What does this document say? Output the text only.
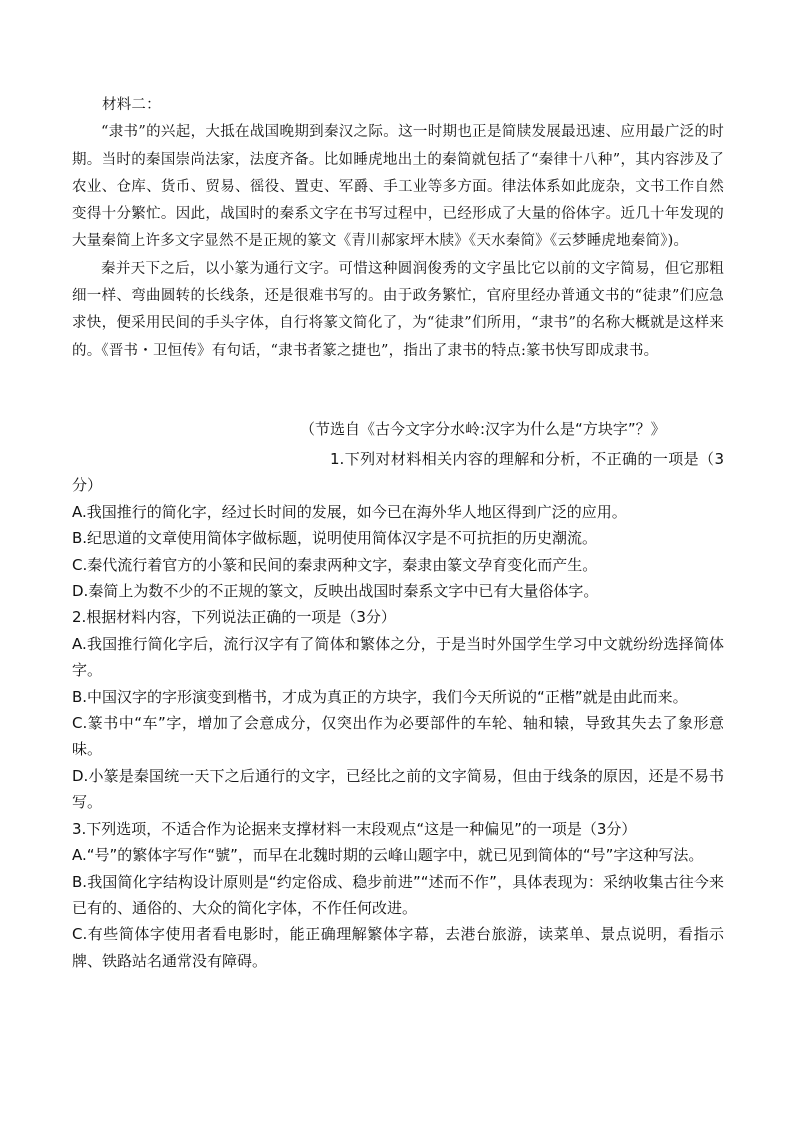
材料二：

“隶书”的兴起，大抵在战国晚期到秦汉之际。这一时期也正是简牍发展最迅速、应用最广泛的时期。当时的秦国崇尚法家，法度齐备。比如睡虎地出土的秦简就包括了“秦律十八种”，其内容涉及了农业、仓库、货币、贸易、徭役、置吏、军爵、手工业等多方面。律法体系如此庞杂，文书工作自然变得十分繁忙。因此，战国时的秦系文字在书写过程中，已经形成了大量的俗体字。近几十年发现的大量秦简上许多文字显然不是正规的篆文《青川郝家坪木牍》《天水秦简》《云梦睡虎地秦简》)。

秦并天下之后，以小篆为通行文字。可惜这种圆润俊秀的文字虽比它以前的文字简易，但它那粗细一样、弯曲圆转的长线条，还是很难书写的。由于政务繁忙，官府里经办普通文书的“徒隶”们应急求快，便采用民间的手头字体，自行将篆文简化了，为“徒隶”们所用，“隶书”的名称大概就是这样来的。《晋书・卫恒传》有句话，“隶书者篆之捷也”，指出了隶书的特点:篆书快写即成隶书。

（节选自《古今文字分水岭:汉字为什么是“方块字”？》

1.下列对材料相关内容的理解和分析，不正确的一项是（3分）

A.我国推行的简化字，经过长时间的发展，如今已在海外华人地区得到广泛的应用。

B.纪思道的文章使用简体字做标题，说明使用简体汉字是不可抗拒的历史潮流。

C.秦代流行着官方的小篆和民间的秦隶两种文字，秦隶由篆文孕育变化而产生。

D.秦简上为数不少的不正规的篆文，反映出战国时秦系文字中已有大量俗体字。

2.根据材料内容，下列说法正确的一项是（3分）

A.我国推行简化字后，流行汉字有了简体和繁体之分，于是当时外国学生学习中文就纷纷选择简体字。

B.中国汉字的字形演变到楷书，才成为真正的方块字，我们今天所说的“正楷”就是由此而来。

C.篆书中“车”字，增加了会意成分，仅突出作为必要部件的车轮、轴和辕，导致其失去了象形意味。

D.小篆是秦国统一天下之后通行的文字，已经比之前的文字简易，但由于线条的原因，还是不易书写。

3.下列选项，不适合作为论据来支撑材料一末段观点“这是一种偏见”的一项是（3分）

A.“号”的繁体字写作“號”，而早在北魏时期的云峰山题字中，就已见到简体的“号”字这种写法。

B.我国简化字结构设计原则是“约定俗成、稳步前进”“述而不作”，具体表现为：采纳收集古往今来已有的、通俗的、大众的简化字体，不作任何改进。

C.有些简体字使用者看电影时，能正确理解繁体字幕，去港台旅游，读菜单、景点说明，看指示牌、铁路站名通常没有障碍。
